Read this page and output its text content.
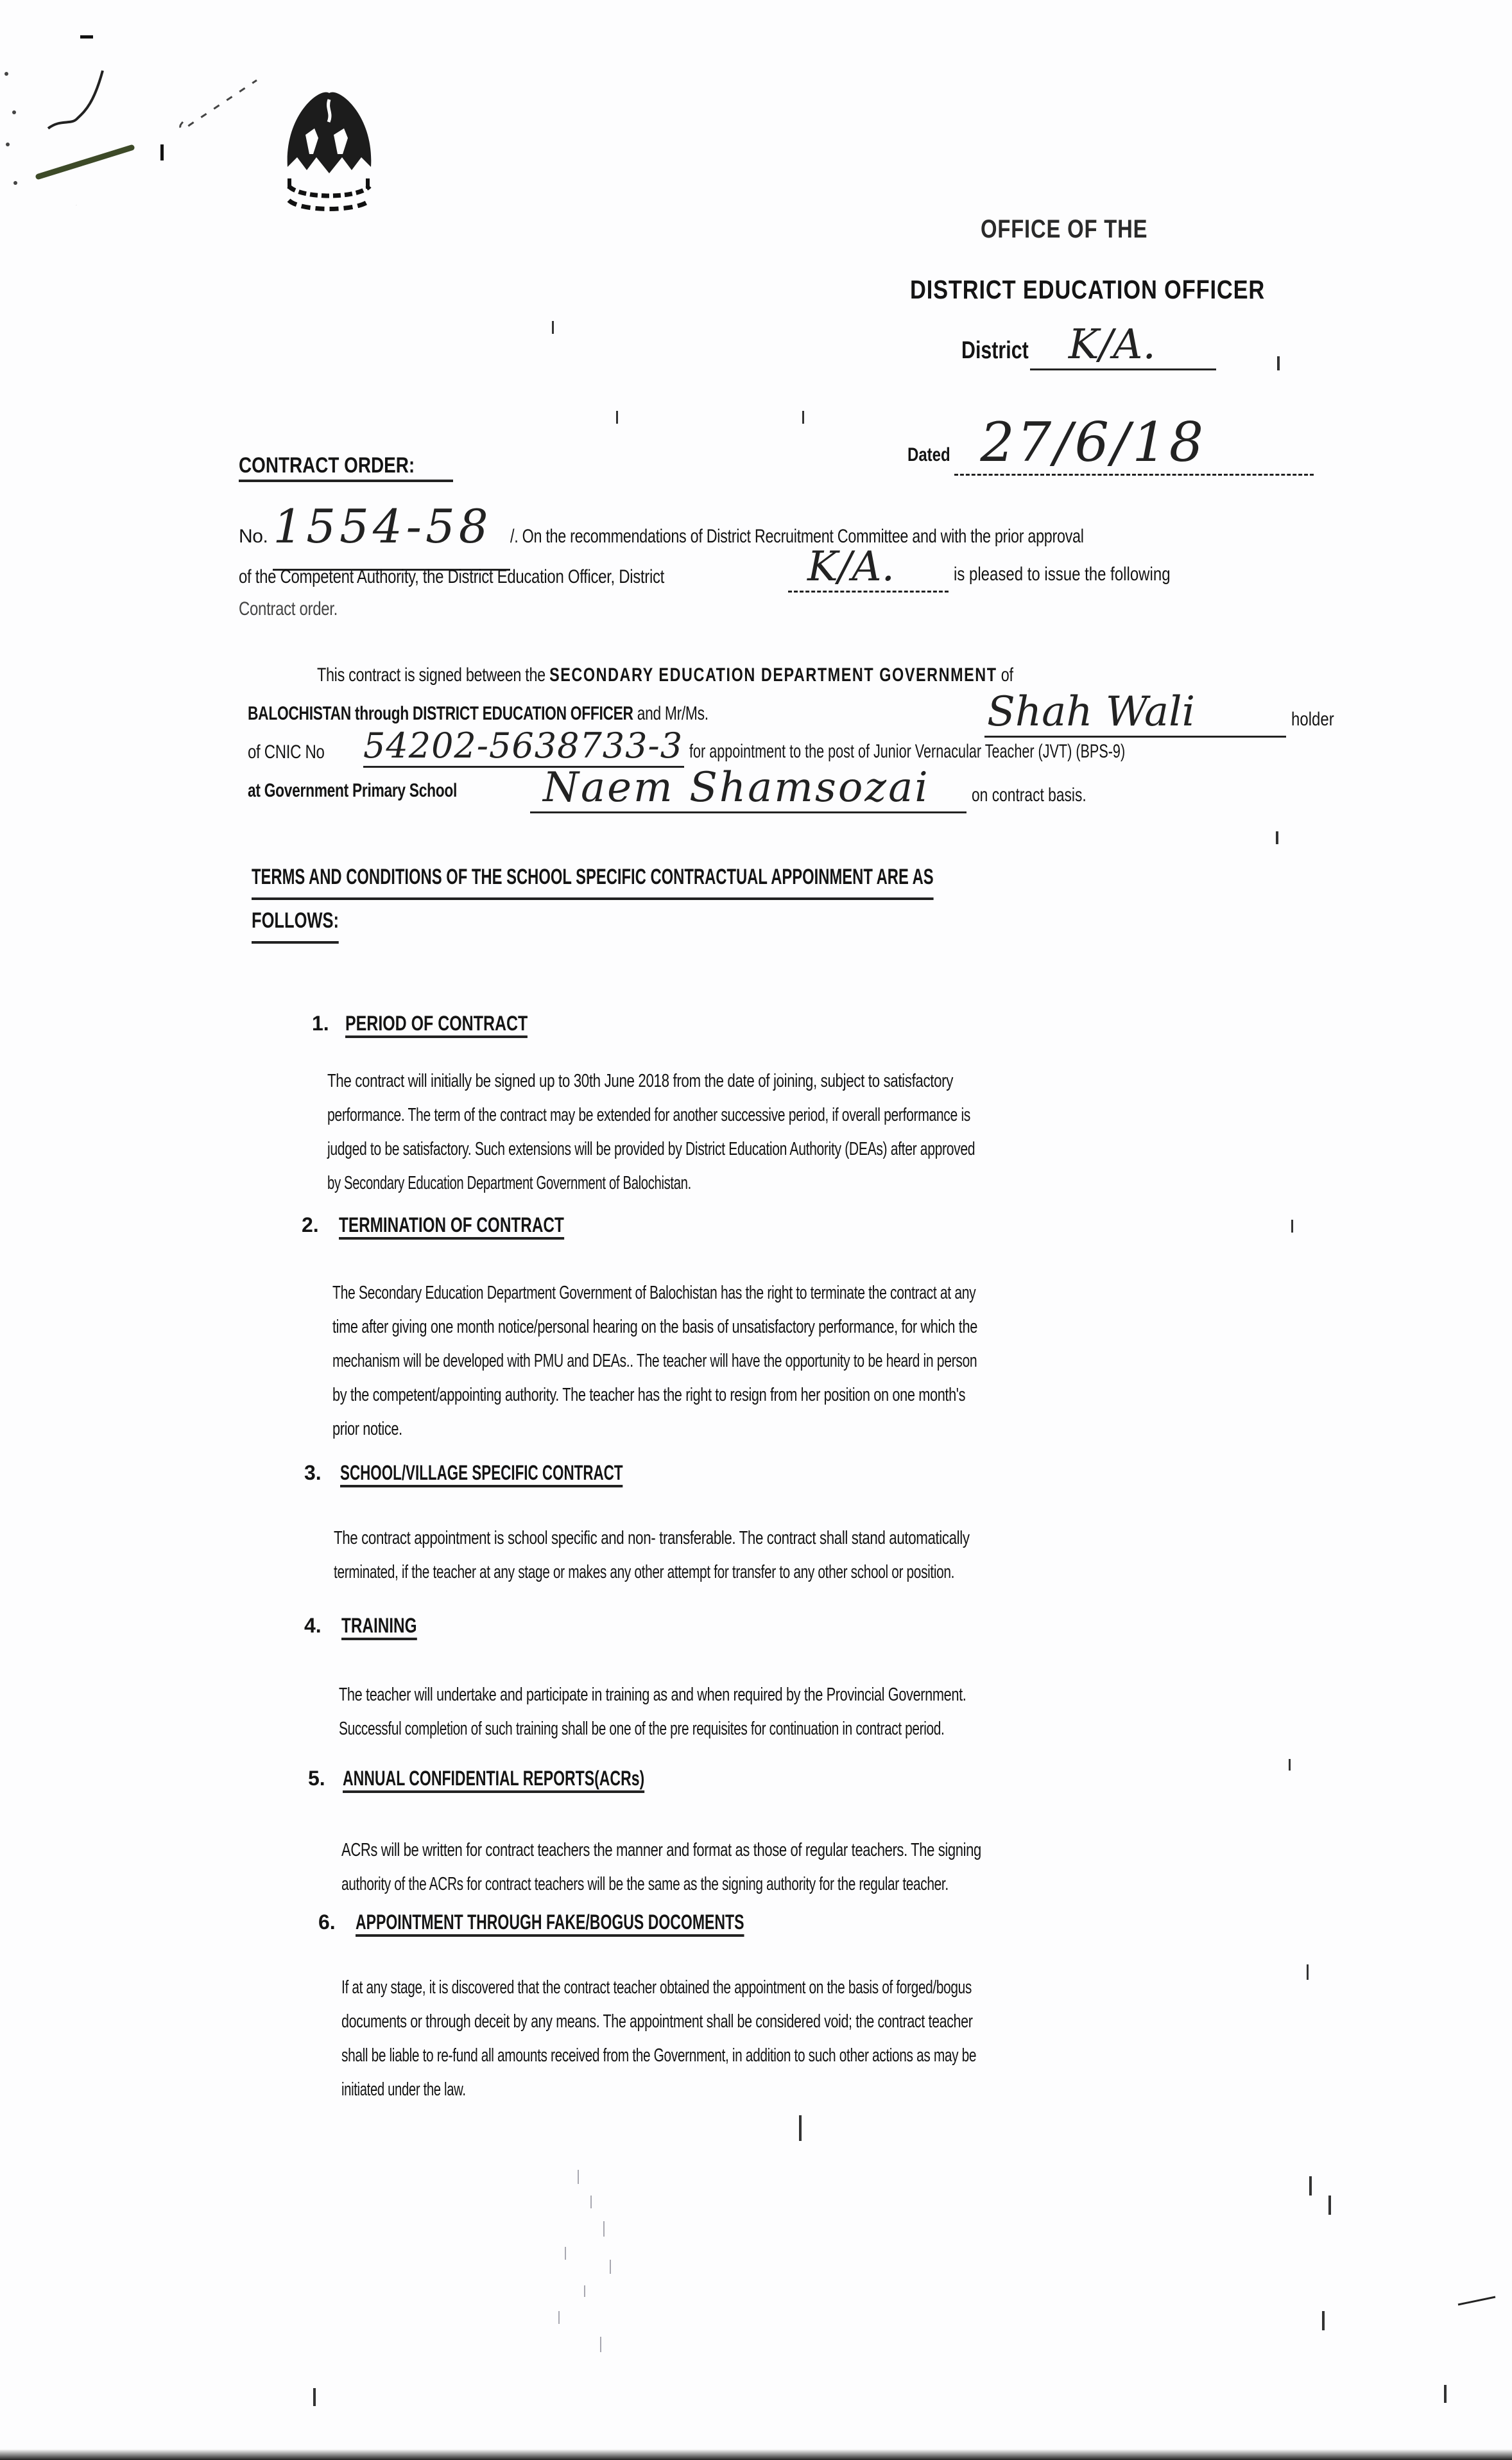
OFFICE OF THE
DISTRICT EDUCATION OFFICER
District K/A.
Dated 27/6/18
CONTRACT ORDER:
No. 1554-58 /. On the recommendations of District Recruitment Committee and with the prior approval
of the Competent Authority, the District Education Officer, District
Contract order.
K/A.	is pleased to issue the following
This contract is signed between the SECONDARY EDUCATION DEPARTMENT GOVERNMENT of
BALOCHISTAN through DISTRICT EDUCATION OFFICER and Mr/Ms.
of CNIC No
at Government Primary School
Shah Wali	holder
54202-5638733-3 for appointment to the post of Junior Vernacular Teacher (JVT) (BPS-9)
Naem Shamsozai on contract basis.
TERMS AND CONDITIONS OF THE SCHOOL SPECIFIC CONTRACTUAL APPOINMENT ARE AS
FOLLOWS:
1. PERIOD OF CONTRACT
The contract will initially be signed up to 30th June 2018 from the date of joining, subject to satisfactory
performance. The term of the contract may be extended for another successive period, if overall performance is
judged to be satisfactory. Such extensions will be provided by District Education Authority (DEAs) after approved
by Secondary Education Department Government of Balochistan.
2. TERMINATION OF CONTRACT
The Secondary Education Department Government of Balochistan has the right to terminate the contract at any
time after giving one month notice/personal hearing on the basis of unsatisfactory performance, for which the
mechanism will be developed with PMU and DEAs.. The teacher will have the opportunity to be heard in person
by the competent/appointing authority. The teacher has the right to resign from her position on one month's
prior notice.
3. SCHOOL/VILLAGE SPECIFIC CONTRACT
The contract appointment is school specific and non- transferable. The contract shall stand automatically
terminated, if the teacher at any stage or makes any other attempt for transfer to any other school or position.
4. TRAINING
The teacher will undertake and participate in training as and when required by the Provincial Government.
Successful completion of such training shall be one of the pre requisites for continuation in contract period.
5. ANNUAL CONFIDENTIAL REPORTS(ACRs)
ACRs will be written for contract teachers the manner and format as those of regular teachers. The signing
authority of the ACRs for contract teachers will be the same as the signing authority for the regular teacher.
6. APPOINTMENT THROUGH FAKE/BOGUS DOCOMENTS
If at any stage, it is discovered that the contract teacher obtained the appointment on the basis of forged/bogus
documents or through deceit by any means. The appointment shall be considered void; the contract teacher
shall be liable to re-fund all amounts received from the Government, in addition to such other actions as may be
initiated under the law.
